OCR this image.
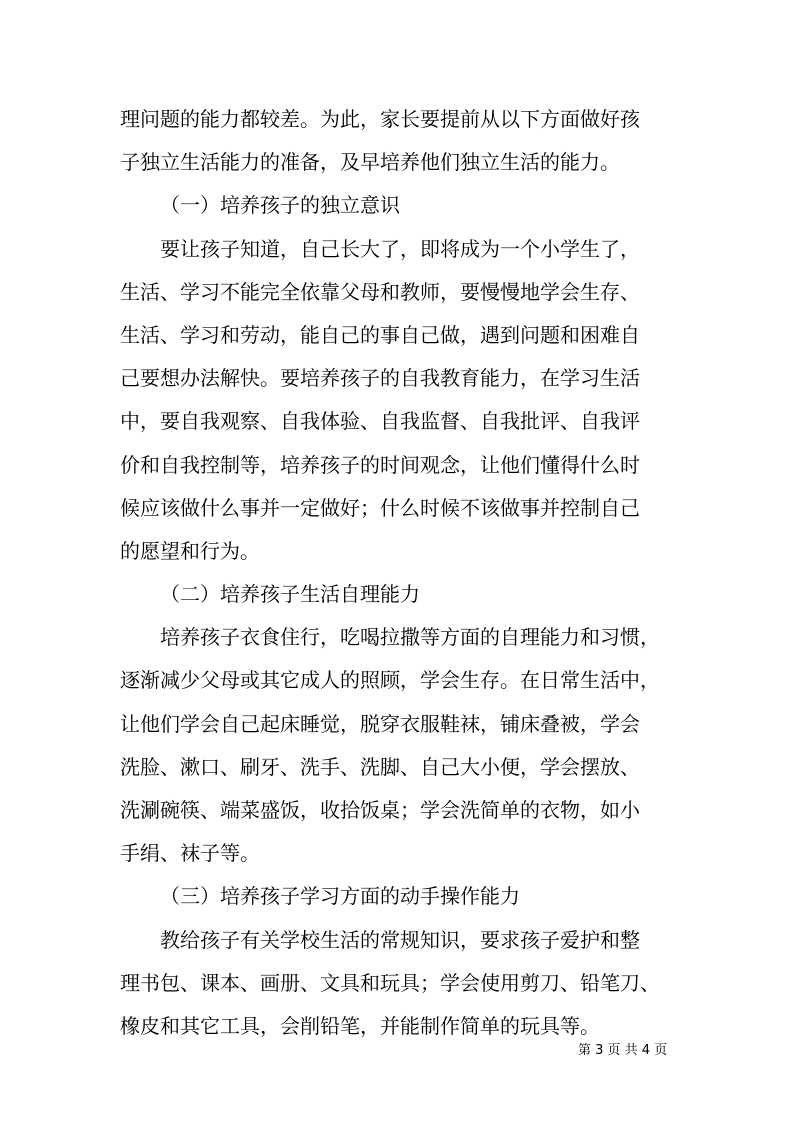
理问题的能力都较差。为此，家长要提前从以下方面做好孩
子独立生活能力的准备，及早培养他们独立生活的能力。
（一）培养孩子的独立意识
要让孩子知道，自己长大了，即将成为一个小学生了，
生活、学习不能完全依靠父母和教师，要慢慢地学会生存、
生活、学习和劳动，能自己的事自己做，遇到问题和困难自
己要想办法解快。要培养孩子的自我教育能力，在学习生活
中，要自我观察、自我体验、自我监督、自我批评、自我评
价和自我控制等，培养孩子的时间观念，让他们懂得什么时
候应该做什么事并一定做好；什么时候不该做事并控制自己
的愿望和行为。
（二）培养孩子生活自理能力
培养孩子衣食住行，吃喝拉撒等方面的自理能力和习惯，
逐渐减少父母或其它成人的照顾，学会生存。在日常生活中，
让他们学会自己起床睡觉，脱穿衣服鞋袜，铺床叠被，学会
洗脸、漱口、刷牙、洗手、洗脚、自己大小便，学会摆放、
洗涮碗筷、端菜盛饭，收拾饭桌；学会洗简单的衣物，如小
手绢、袜子等。
（三）培养孩子学习方面的动手操作能力
教给孩子有关学校生活的常规知识，要求孩子爱护和整
理书包、课本、画册、文具和玩具；学会使用剪刀、铅笔刀、
橡皮和其它工具，会削铅笔，并能制作简单的玩具等。
第 3 页 共 4 页
